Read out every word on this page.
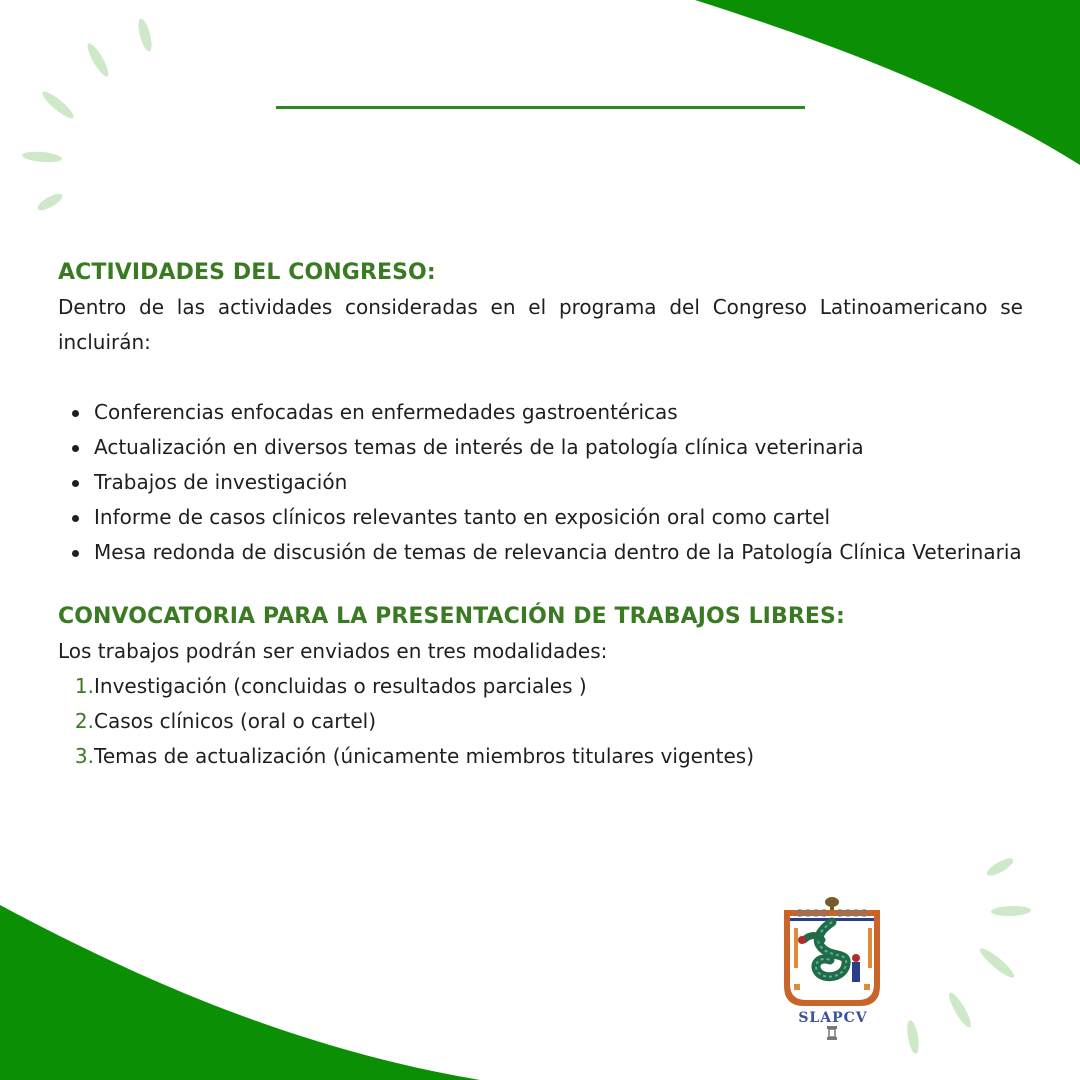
ACTIVIDADES DEL CONGRESO:

Dentro de las actividades consideradas en el programa del Congreso Latinoamericano se incluirán:

Conferencias enfocadas en enfermedades gastroentéricas
Actualización en diversos temas de interés de la patología clínica veterinaria
Trabajos de investigación
Informe de casos clínicos relevantes tanto en exposición oral como cartel
Mesa redonda de discusión de temas de relevancia dentro de la Patología Clínica Veterinaria
CONVOCATORIA PARA LA PRESENTACIÓN DE TRABAJOS LIBRES:

Los trabajos podrán ser enviados en tres modalidades:

1. Investigación (concluidas o resultados parciales )
2. Casos clínicos (oral o cartel)
3. Temas de actualización (únicamente miembros titulares vigentes)
SLAPCV
